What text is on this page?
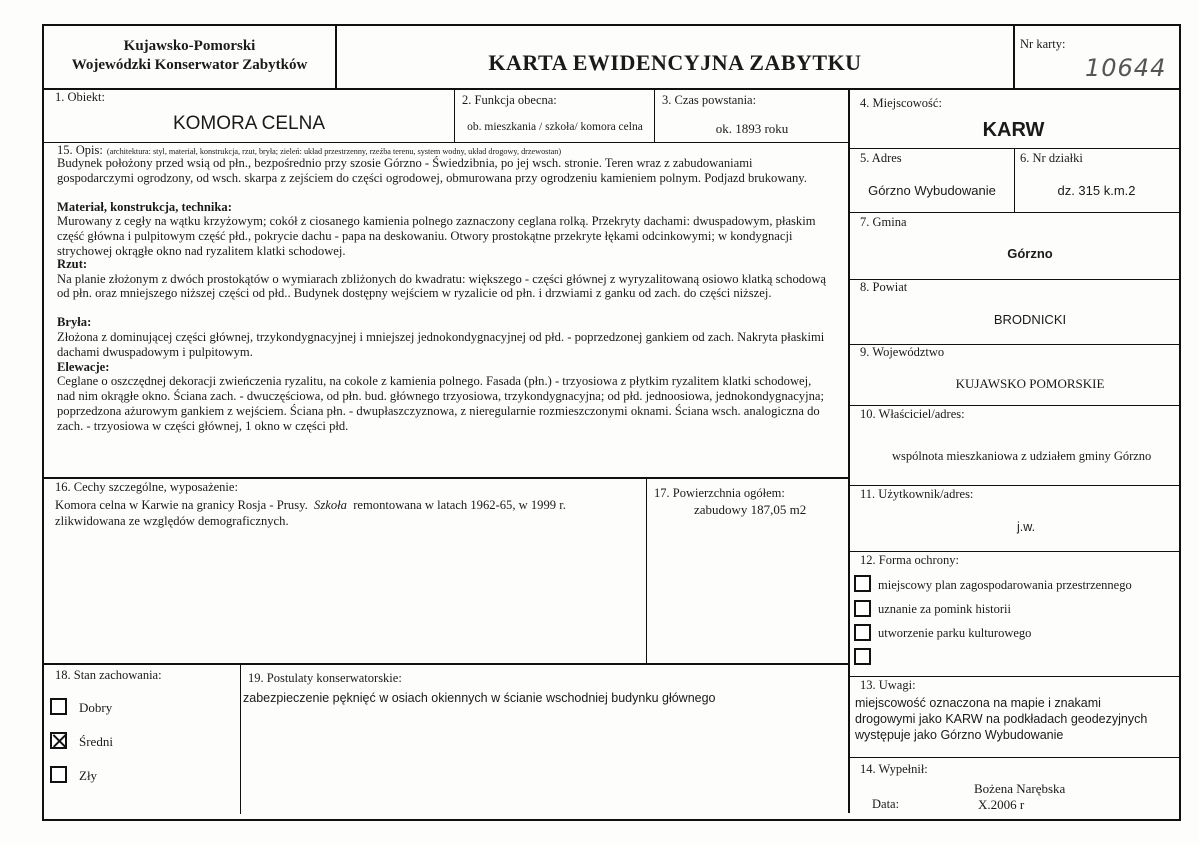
Kujawsko-Pomorski
Wojewódzki Konserwator Zabytków	KARTA EWIDENCYJNA ZABYTKU
Nr karty:
10644
1. Obiekt:
KOMORA CELNA
2. Funkcja obecna:
ob. mieszkania / szkoła/ komora celna
3. Czas powstania:
ok. 1893 roku
4. Miejscowość:
KARW
5. Adres
Górzno Wybudowanie
6. Nr działki
dz. 315 k.m.2
7. Gmina
Górzno
8. Powiat
BRODNICKI
9. Województwo
KUJAWSKO POMORSKIE
10. Właściciel/adres:
wspólnota mieszkaniowa z udziałem gminy Górzno
11. Użytkownik/adres:
j.w.
12. Forma ochrony:
miejscowy plan zagospodarowania przestrzennego
uznanie za pomink historii
utworzenie parku kulturowego
13. Uwagi:
miejscowość oznaczona na mapie i znakami
drogowymi jako KARW na podkładach geodezyjnych
występuje jako Górzno Wybudowanie
14. Wypełnił:
Bożena Narębska
Data:	X.2006 r
15. Opis: (architektura: styl, materiał, konstrukcja, rzut, bryła; zieleń: układ przestrzenny, rzeźba terenu, system wodny, układ drogowy, drzewostan)
Budynek położony przed wsią od płn., bezpośrednio przy szosie Górzno - Świedzibnia, po jej wsch. stronie. Teren wraz z zabudowaniami
gospodarczymi ogrodzony, od wsch. skarpa z zejściem do części ogrodowej, obmurowana przy ogrodzeniu kamieniem polnym. Podjazd brukowany.
Materiał, konstrukcja, technika:
Murowany z cegły na wątku krzyżowym; cokół z ciosanego kamienia polnego zaznaczony ceglana rolką. Przekryty dachami: dwuspadowym, płaskim
część główna i pulpitowym część płd., pokrycie dachu - papa na deskowaniu. Otwory prostokątne przekryte łękami odcinkowymi; w kondygnacji
strychowej okrągłe okno nad ryzalitem klatki schodowej.
Rzut:
Na planie złożonym z dwóch prostokątów o wymiarach zbliżonych do kwadratu: większego - części głównej z wyryzalitowaną osiowo klatką schodową
od płn. oraz mniejszego niższej części od płd.. Budynek dostępny wejściem w ryzalicie od płn. i drzwiami z ganku od zach. do części niższej.
Bryła:
Złożona z dominującej części głównej, trzykondygnacyjnej i mniejszej jednokondygnacyjnej od płd. - poprzedzonej gankiem od zach. Nakryta płaskimi
dachami dwuspadowym i pulpitowym.
Elewacje:
Ceglane o oszczędnej dekoracji zwieńczenia ryzalitu, na cokole z kamienia polnego. Fasada (płn.) - trzyosiowa z płytkim ryzalitem klatki schodowej,
nad nim okrągłe okno. Ściana zach. - dwuczęściowa, od płn. bud. głównego trzyosiowa, trzykondygnacyjna; od płd. jednoosiowa, jednokondygnacyjna;
poprzedzona ażurowym gankiem z wejściem. Ściana płn. - dwupłaszczyznowa, z nieregularnie rozmieszczonymi oknami. Ściana wsch. analogiczna do
zach. - trzyosiowa w części głównej, 1 okno w części płd.
16. Cechy szczególne, wyposażenie:
Komora celna w Karwie na granicy Rosja - Prusy. Szkoła remontowana w latach 1962-65, w 1999 r.
zlikwidowana ze względów demograficznych.
17. Powierzchnia ogółem:
zabudowy 187,05 m2
18. Stan zachowania:
Dobry
Średni
Zły
19. Postulaty konserwatorskie:
zabezpieczenie pęknięć w osiach okiennych w ścianie wschodniej budynku głównego
